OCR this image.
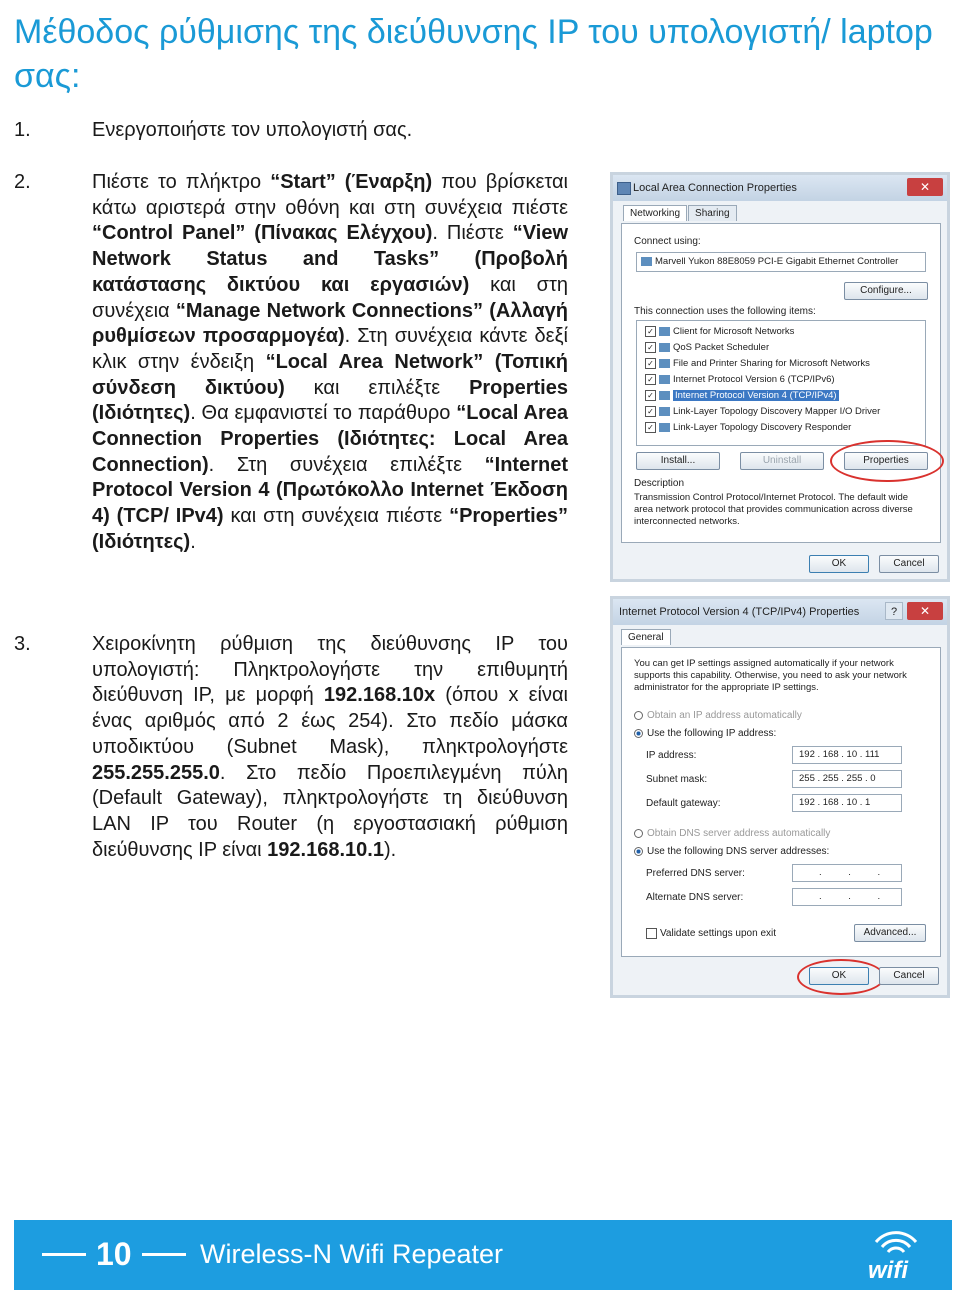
Μέθοδος ρύθμισης της διεύθυνσης IP του υπολογιστή/ laptop σας:
1.	Ενεργοποιήστε τον υπολογιστή σας.
2.	Πιέστε το πλήκτρο “Start” (Έναρξη) που βρίσκεται κάτω αριστερά στην οθόνη και στη συνέχεια πιέστε “Control Panel” (Πίνακας Ελέγχου). Πιέστε “View Network Status and Tasks” (Προβολή κατάστασης δικτύου και εργασιών) και στη συνέχεια “Manage Network Connections” (Αλλαγή ρυθμίσεων προσαρμογέα). Στη συνέχεια κάντε δεξί κλικ στην ένδειξη “Local Area Network” (Τοπική σύνδεση δικτύου) και επιλέξτε Properties (Ιδιότητες). Θα εμφανιστεί το παράθυρο “Local Area Connection Properties (Ιδιότητες: Local Area Connection). Στη συνέχεια επιλέξτε “Internet Protocol Version 4 (Πρωτόκολλο Internet Έκδοση 4) (TCP/ IPv4) και στη συνέχεια πιέστε “Properties” (Ιδιότητες).
3.	Χειροκίνητη ρύθμιση της διεύθυνσης IP του υπολογιστή: Πληκτρολογήστε την επιθυμητή διεύθυνση IP, με μορφή 192.168.10x (όπου x είναι ένας αριθμός από 2 έως 254). Στο πεδίο μάσκα υποδικτύου (Subnet Mask), πληκτρολογήστε 255.255.255.0. Στο πεδίο Προεπιλεγμένη πύλη (Default Gateway), πληκτρολογήστε τη διεύθυνση LAN IP του Router (η εργοστασιακή ρύθμιση διεύθυνσης IP είναι 192.168.10.1).
Local Area Connection Properties	✕
Networking Sharing
Connect using:
Marvell Yukon 88E8059 PCI-E Gigabit Ethernet Controller
Configure...
This connection uses the following items:
✓ Client for Microsoft Networks
✓ QoS Packet Scheduler
✓ File and Printer Sharing for Microsoft Networks
✓ Internet Protocol Version 6 (TCP/IPv6)
✓ Internet Protocol Version 4 (TCP/IPv4)
✓ Link-Layer Topology Discovery Mapper I/O Driver
✓ Link-Layer Topology Discovery Responder
Install...	Uninstall	Properties
Description
Transmission Control Protocol/Internet Protocol. The default wide area network protocol that provides communication across diverse interconnected networks.
OK	Cancel
Internet Protocol Version 4 (TCP/IPv4) Properties	?	✕
General
You can get IP settings assigned automatically if your network supports this capability. Otherwise, you need to ask your network administrator for the appropriate IP settings.
Obtain an IP address automatically
Use the following IP address:
IP address:	192 . 168 . 10 . 111
Subnet mask:	255 . 255 . 255 . 0
Default gateway:	192 . 168 . 10 . 1
Obtain DNS server address automatically
Use the following DNS server addresses:
Preferred DNS server:	. . .
Alternate DNS server:	. . .
Validate settings upon exit	Advanced...
OK	Cancel
10	Wireless-N Wifi Repeater
wifi
